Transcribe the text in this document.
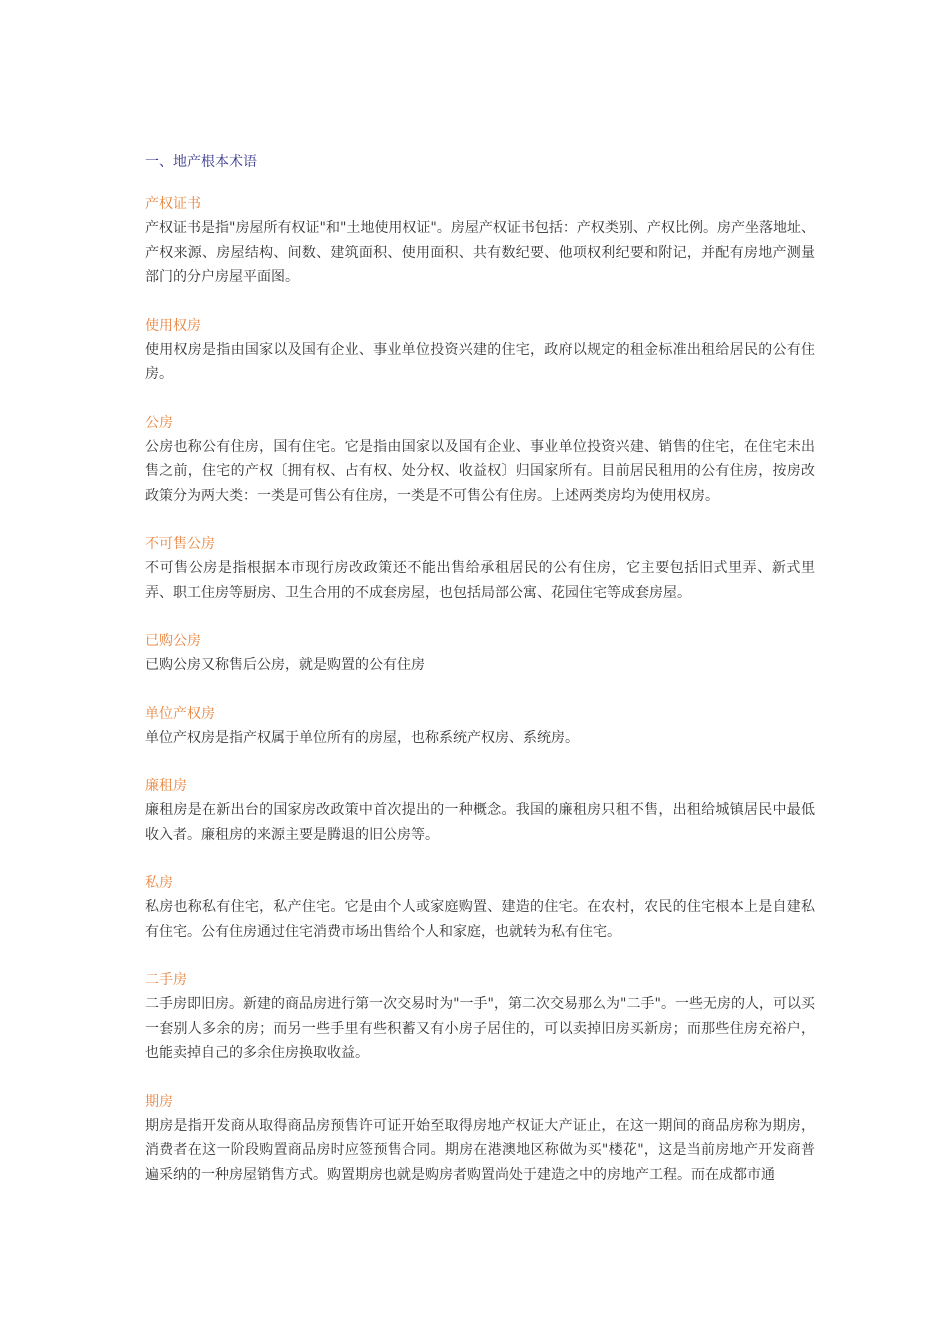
一、地产根本术语

产权证书

产权证书是指"房屋所有权证"和"土地使用权证"。房屋产权证书包括：产权类别、产权比例。房产坐落地址、产权来源、房屋结构、间数、建筑面积、使用面积、共有数纪要、他项权利纪要和附记，并配有房地产测量部门的分户房屋平面图。

使用权房

使用权房是指由国家以及国有企业、事业单位投资兴建的住宅，政府以规定的租金标准出租给居民的公有住房。

公房

公房也称公有住房，国有住宅。它是指由国家以及国有企业、事业单位投资兴建、销售的住宅，在住宅未出售之前，住宅的产权〔拥有权、占有权、处分权、收益权〕归国家所有。目前居民租用的公有住房，按房改政策分为两大类：一类是可售公有住房，一类是不可售公有住房。上述两类房均为使用权房。

不可售公房

不可售公房是指根据本市现行房改政策还不能出售给承租居民的公有住房，它主要包括旧式里弄、新式里弄、职工住房等厨房、卫生合用的不成套房屋，也包括局部公寓、花园住宅等成套房屋。

已购公房

已购公房又称售后公房，就是购置的公有住房

单位产权房

单位产权房是指产权属于单位所有的房屋，也称系统产权房、系统房。

廉租房

廉租房是在新出台的国家房改政策中首次提出的一种概念。我国的廉租房只租不售，出租给城镇居民中最低收入者。廉租房的来源主要是腾退的旧公房等。

私房

私房也称私有住宅，私产住宅。它是由个人或家庭购置、建造的住宅。在农村，农民的住宅根本上是自建私有住宅。公有住房通过住宅消费市场出售给个人和家庭，也就转为私有住宅。

二手房

二手房即旧房。新建的商品房进行第一次交易时为"一手"，第二次交易那么为"二手"。一些无房的人，可以买一套别人多余的房；而另一些手里有些积蓄又有小房子居住的，可以卖掉旧房买新房；而那些住房充裕户，也能卖掉自己的多余住房换取收益。

期房

期房是指开发商从取得商品房预售许可证开始至取得房地产权证大产证止，在这一期间的商品房称为期房，消费者在这一阶段购置商品房时应签预售合同。期房在港澳地区称做为买"楼花"，这是当前房地产开发商普遍采纳的一种房屋销售方式。购置期房也就是购房者购置尚处于建造之中的房地产工程。而在成都市通
